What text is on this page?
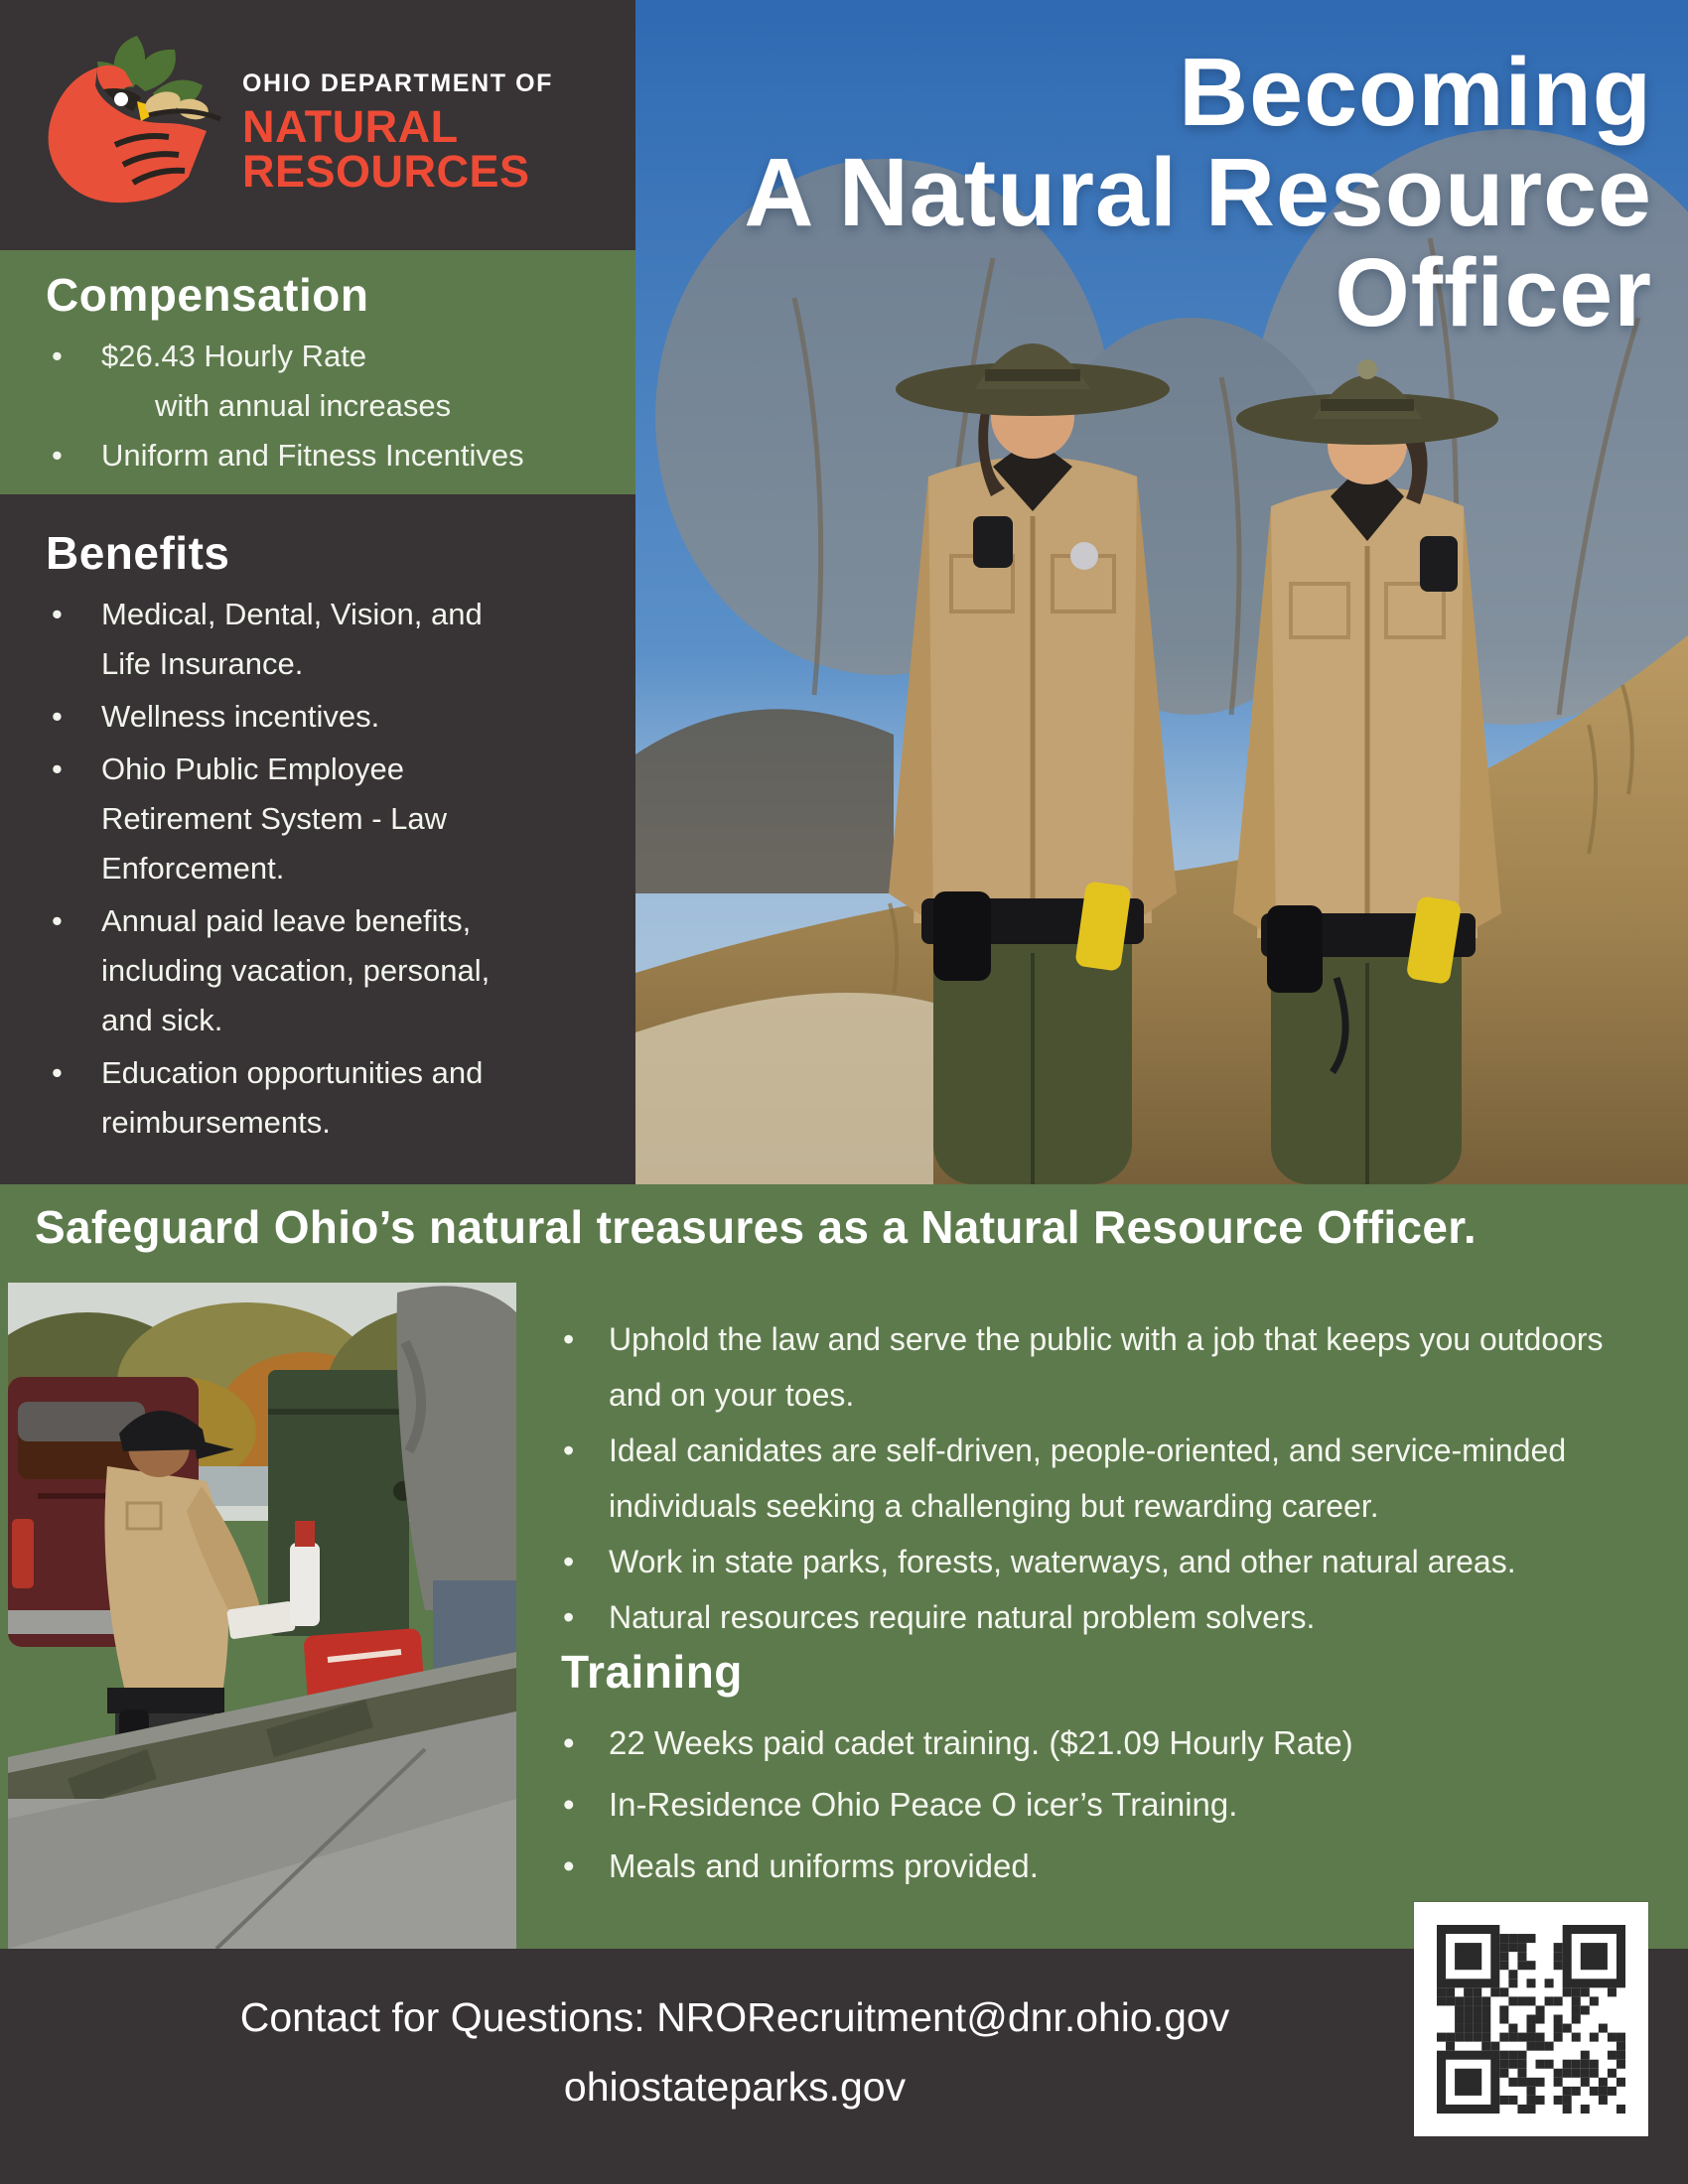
Becoming
A Natural Resource
Officer
OHIO DEPARTMENT OF
NATURAL
RESOURCES
Compensation
• $26.43 Hourly Rate
with annual increases
• Uniform and Fitness Incentives
Benefits
• Medical, Dental, Vision, and Life Insurance.
• Wellness incentives.
• Ohio Public Employee Retirement System - Law Enforcement.
• Annual paid leave benefits, including vacation, personal, and sick.
• Education opportunities and reimbursements.
Safeguard Ohio’s natural treasures as a Natural Resource Officer.
• Uphold the law and serve the public with a job that keeps you outdoors and on your toes.
• Ideal canidates are self-driven, people-oriented, and service-minded individuals seeking a challenging but rewarding career.
• Work in state parks, forests, waterways, and other natural areas.
• Natural resources require natural problem solvers.
Training
• 22 Weeks paid cadet training. ($21.09 Hourly Rate)
• In-Residence Ohio Peace O icer’s Training.
• Meals and uniforms provided.
Contact for Questions: NRORecruitment@dnr.ohio.gov
ohiostateparks.gov
